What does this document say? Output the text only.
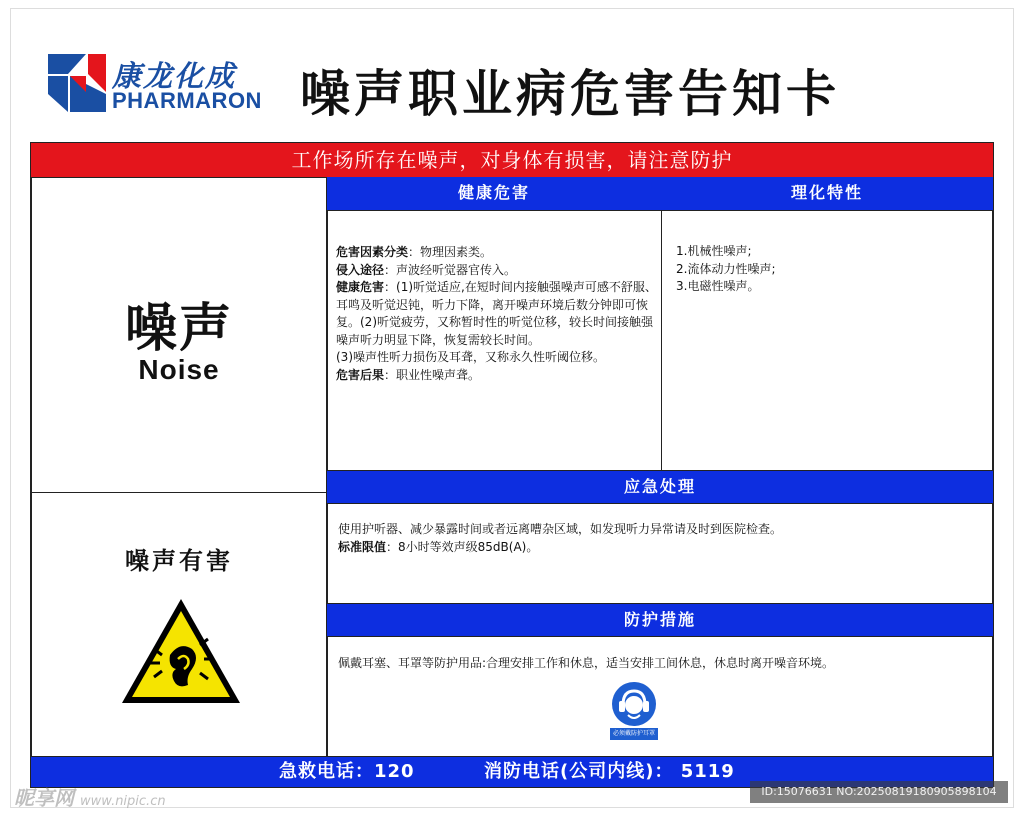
康龙化成
PHARMARON 噪声职业病危害告知卡
工作场所存在噪声，对身体有损害，请注意防护
噪声
Noise
噪声有害
健康危害	理化特性

危害因素分类：物理因素类。

侵入途径：声波经听觉器官传入。

健康危害：(1)听觉适应,在短时间内接触强噪声可感不舒服、耳鸣及听觉迟钝，听力下降，离开噪声环境后数分钟即可恢复。(2)听觉疲劳，又称暂时性的听觉位移，较长时间接触强噪声听力明显下降，恢复需较长时间。

(3)噪声性听力损伤及耳聋，又称永久性听阈位移。

危害后果：职业性噪声聋。

1.机械性噪声;

2.流体动力性噪声;

3.电磁性噪声。

应急处理

使用护听器、减少暴露时间或者远离嘈杂区域，如发现听力异常请及时到医院检查。

标准限值：8小时等效声级85dB(A)。

防护措施
佩戴耳塞、耳罩等防护用品:合理安排工作和休息，适当安排工间休息，休息时离开噪音环境。
必须戴防护耳罩
急救电话：120	消防电话(公司内线)： 5119
昵享网 www.nipic.cn
ID:15076631 NO:20250819180905898104
